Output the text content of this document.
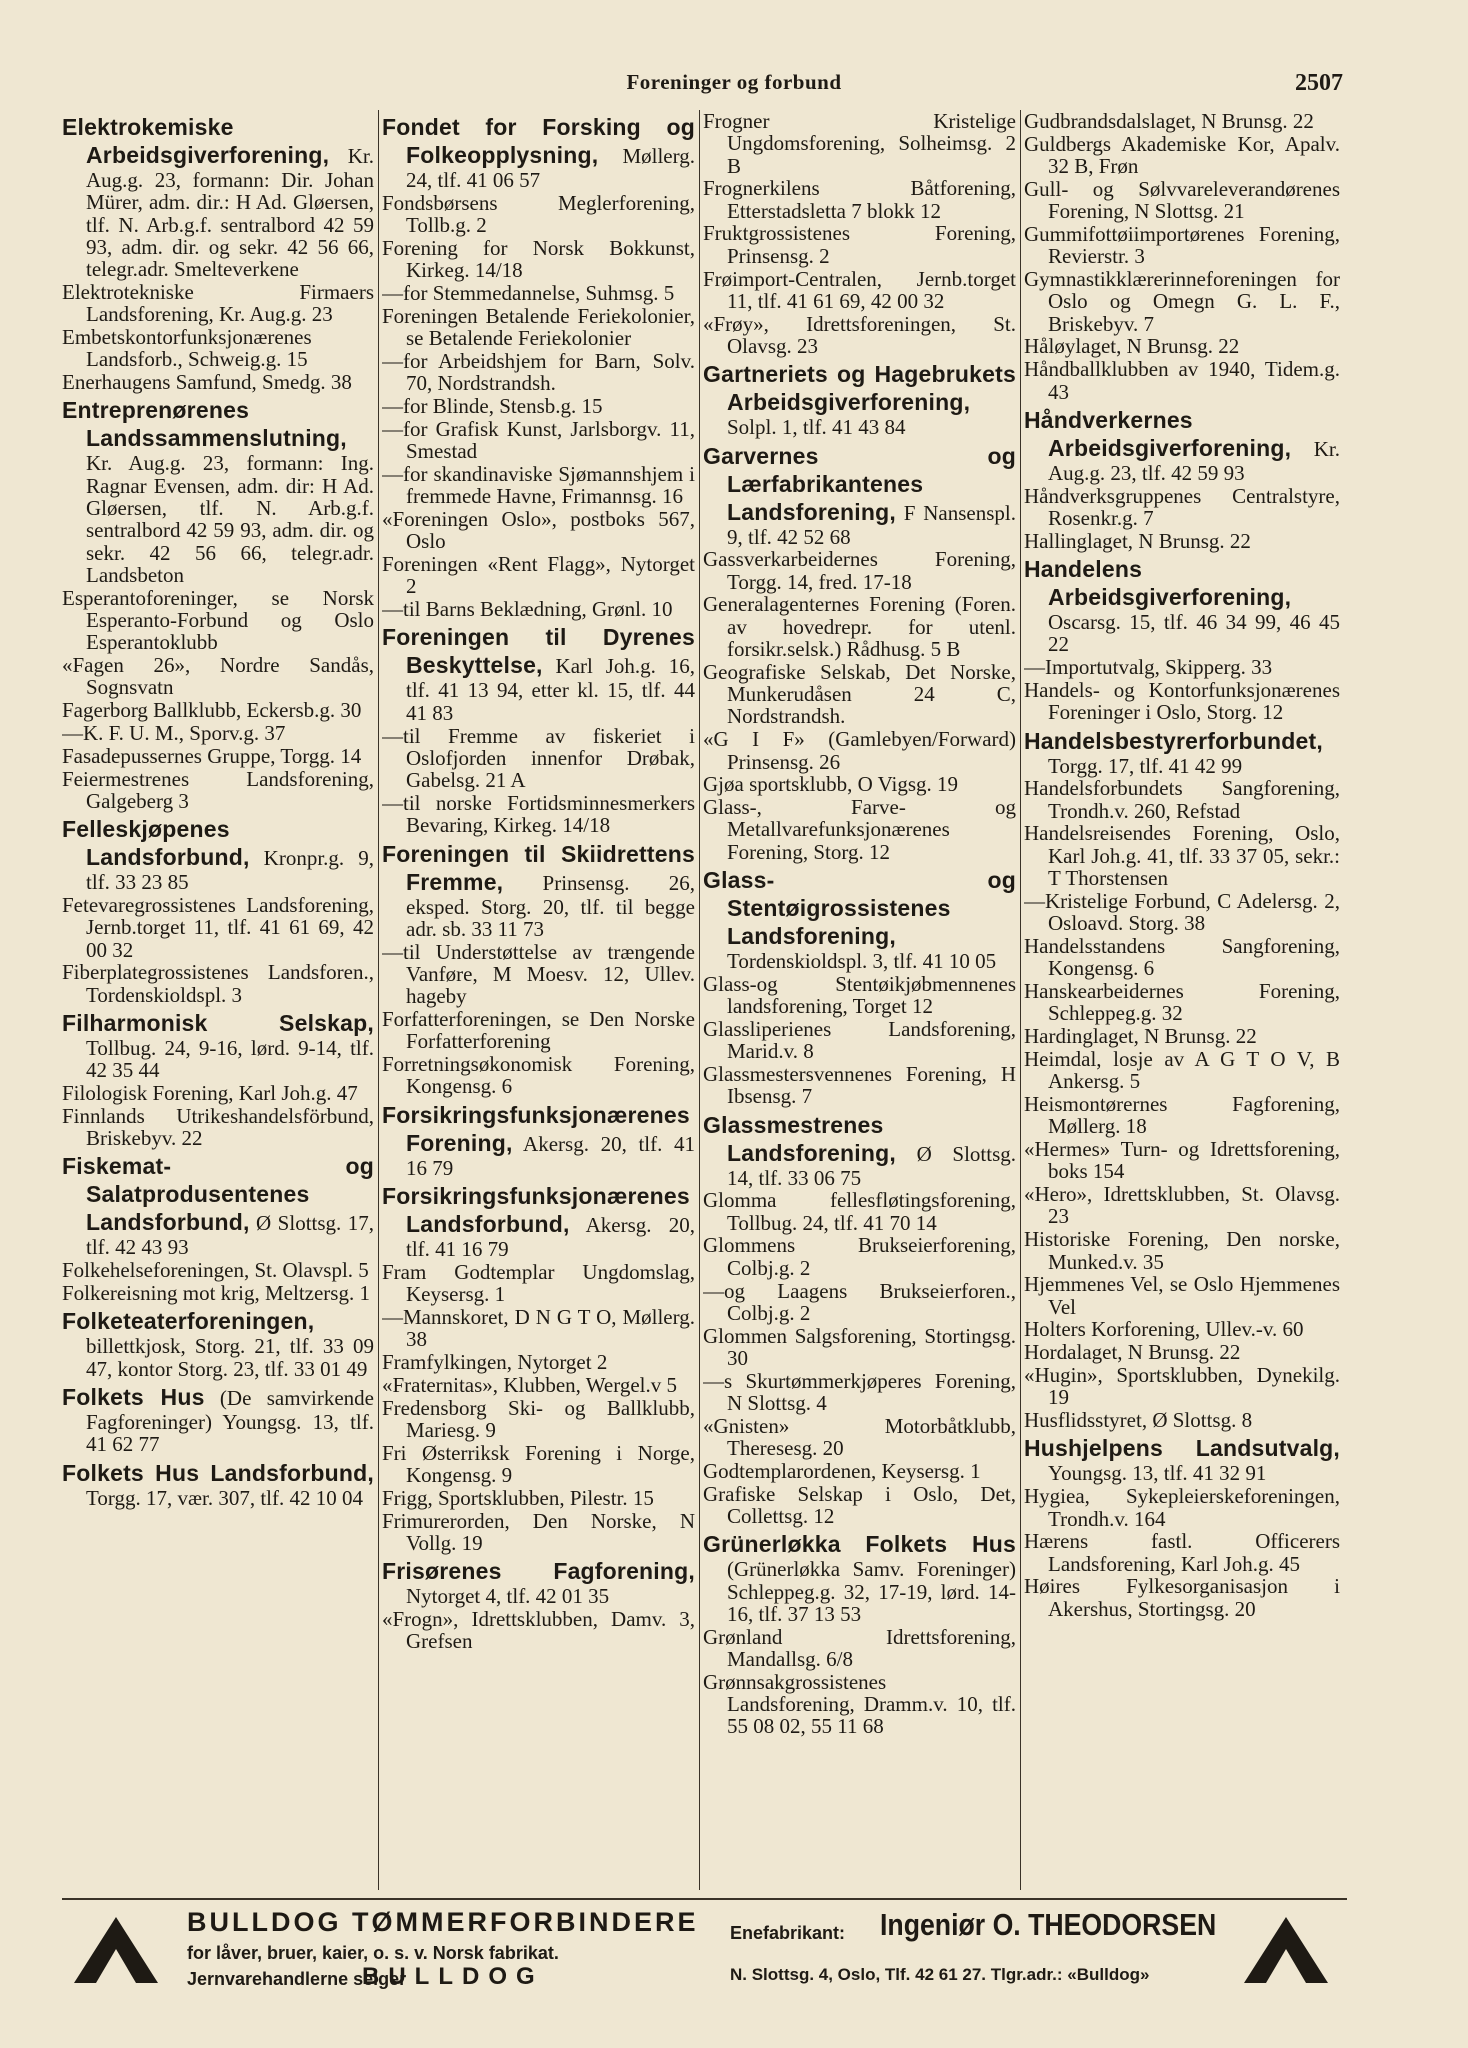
Foreninger og forbund	2507

Elektrokemiske Arbeidsgiverforening, Kr. Aug.g. 23, formann: Dir. Johan Mürer, adm. dir.: H Ad. Gløersen, tlf. N. Arb.g.f. sentralbord 42 59 93, adm. dir. og sekr. 42 56 66, telegr.adr. Smelteverkene

Elektrotekniske Firmaers Landsforening, Kr. Aug.g. 23

Embetskontorfunksjonærenes Landsforb., Schweig.g. 15

Enerhaugens Samfund, Smedg. 38

Entreprenørenes Landssammenslutning, Kr. Aug.g. 23, formann: Ing. Ragnar Evensen, adm. dir: H Ad. Gløersen, tlf. N. Arb.g.f. sentralbord 42 59 93, adm. dir. og sekr. 42 56 66, telegr.adr. Landsbeton

Esperantoforeninger, se Norsk Esperanto-Forbund og Oslo Esperantoklubb

«Fagen 26», Nordre Sandås, Sognsvatn

Fagerborg Ballklubb, Eckersb.g. 30

—K. F. U. M., Sporv.g. 37

Fasadepussernes Gruppe, Torgg. 14

Feiermestrenes Landsforening, Galgeberg 3

Felleskjøpenes Landsforbund, Kronpr.g. 9, tlf. 33 23 85

Fetevaregrossistenes Landsforening, Jernb.torget 11, tlf. 41 61 69, 42 00 32

Fiberplategrossistenes Landsforen., Tordenskioldspl. 3

Filharmonisk Selskap, Tollbug. 24, 9-16, lørd. 9-14, tlf. 42 35 44

Filologisk Forening, Karl Joh.g. 47

Finnlands Utrikeshandelsförbund, Briskebyv. 22

Fiskemat- og Salatprodusentenes Landsforbund, Ø Slottsg. 17, tlf. 42 43 93

Folkehelseforeningen, St. Olavspl. 5

Folkereisning mot krig, Meltzersg. 1

Folketeaterforeningen, billettkjosk, Storg. 21, tlf. 33 09 47, kontor Storg. 23, tlf. 33 01 49

Folkets Hus (De samvirkende Fagforeninger) Youngsg. 13, tlf. 41 62 77

Folkets Hus Landsforbund, Torgg. 17, vær. 307, tlf. 42 10 04

Fondet for Forsking og Folkeopplysning, Møllerg. 24, tlf. 41 06 57

Fondsbørsens Meglerforening, Tollb.g. 2

Forening for Norsk Bokkunst, Kirkeg. 14/18

—for Stemmedannelse, Suhmsg. 5

Foreningen Betalende Feriekolonier, se Betalende Feriekolonier

—for Arbeidshjem for Barn, Solv. 70, Nordstrandsh.

—for Blinde, Stensb.g. 15

—for Grafisk Kunst, Jarlsborgv. 11, Smestad

—for skandinaviske Sjømannshjem i fremmede Havne, Frimannsg. 16

«Foreningen Oslo», postboks 567, Oslo

Foreningen «Rent Flagg», Nytorget 2

—til Barns Beklædning, Grønl. 10

Foreningen til Dyrenes Beskyttelse, Karl Joh.g. 16, tlf. 41 13 94, etter kl. 15, tlf. 44 41 83

—til Fremme av fiskeriet i Oslofjorden innenfor Drøbak, Gabelsg. 21 A

—til norske Fortidsminnesmerkers Bevaring, Kirkeg. 14/18

Foreningen til Skiidrettens Fremme, Prinsensg. 26, eksped. Storg. 20, tlf. til begge adr. sb. 33 11 73

—til Understøttelse av trængende Vanføre, M Moesv. 12, Ullev. hageby

Forfatterforeningen, se Den Norske Forfatterforening

Forretningsøkonomisk Forening, Kongensg. 6

Forsikringsfunksjonærenes Forening, Akersg. 20, tlf. 41 16 79

Forsikringsfunksjonærenes Landsforbund, Akersg. 20, tlf. 41 16 79

Fram Godtemplar Ungdomslag, Keysersg. 1

—Mannskoret, D N G T O, Møllerg. 38

Framfylkingen, Nytorget 2

«Fraternitas», Klubben, Wergel.v 5

Fredensborg Ski- og Ballklubb, Mariesg. 9

Fri Østerriksk Forening i Norge, Kongensg. 9

Frigg, Sportsklubben, Pilestr. 15

Frimurerorden, Den Norske, N Vollg. 19

Frisørenes Fagforening, Nytorget 4, tlf. 42 01 35

«Frogn», Idrettsklubben, Damv. 3, Grefsen

Frogner Kristelige Ungdomsforening, Solheimsg. 2 B

Frognerkilens Båtforening, Etterstadsletta 7 blokk 12

Fruktgrossistenes Forening, Prinsensg. 2

Frøimport-Centralen, Jernb.torget 11, tlf. 41 61 69, 42 00 32

«Frøy», Idrettsforeningen, St. Olavsg. 23

Gartneriets og Hagebrukets Arbeidsgiverforening, Solpl. 1, tlf. 41 43 84

Garvernes og Lærfabrikantenes Landsforening, F Nansenspl. 9, tlf. 42 52 68

Gassverkarbeidernes Forening, Torgg. 14, fred. 17-18

Generalagenternes Forening (Foren. av hovedrepr. for utenl. forsikr.selsk.) Rådhusg. 5 B

Geografiske Selskab, Det Norske, Munkerudåsen 24 C, Nordstrandsh.

«G I F» (Gamlebyen/Forward) Prinsensg. 26

Gjøa sportsklubb, O Vigsg. 19

Glass-, Farve- og Metallvarefunksjonærenes Forening, Storg. 12

Glass- og Stentøigrossistenes Landsforening, Tordenskioldspl. 3, tlf. 41 10 05

Glass-og Stentøikjøbmennenes landsforening, Torget 12

Glassliperienes Landsforening, Marid.v. 8

Glassmestersvennenes Forening, H Ibsensg. 7

Glassmestrenes Landsforening, Ø Slottsg. 14, tlf. 33 06 75

Glomma fellesfløtingsforening, Tollbug. 24, tlf. 41 70 14

Glommens Brukseierforening, Colbj.g. 2

—og Laagens Brukseierforen., Colbj.g. 2

Glommen Salgsforening, Stortingsg. 30

—s Skurtømmerkjøperes Forening, N Slottsg. 4

«Gnisten» Motorbåtklubb, Theresesg. 20

Godtemplarordenen, Keysersg. 1

Grafiske Selskap i Oslo, Det, Collettsg. 12

Grünerløkka Folkets Hus (Grünerløkka Samv. Foreninger) Schleppeg.g. 32, 17-19, lørd. 14-16, tlf. 37 13 53

Grønland Idrettsforening, Mandallsg. 6/8

Grønnsakgrossistenes Landsforening, Dramm.v. 10, tlf. 55 08 02, 55 11 68

Gudbrandsdalslaget, N Brunsg. 22

Guldbergs Akademiske Kor, Apalv. 32 B, Frøn

Gull- og Sølvvareleverandørenes Forening, N Slottsg. 21

Gummifottøiimportørenes Forening, Revierstr. 3

Gymnastikklærerinneforeningen for Oslo og Omegn G. L. F., Briskebyv. 7

Håløylaget, N Brunsg. 22

Håndballklubben av 1940, Tidem.g. 43

Håndverkernes Arbeidsgiverforening, Kr. Aug.g. 23, tlf. 42 59 93

Håndverksgruppenes Centralstyre, Rosenkr.g. 7

Hallinglaget, N Brunsg. 22

Handelens Arbeidsgiverforening, Oscarsg. 15, tlf. 46 34 99, 46 45 22

—Importutvalg, Skipperg. 33

Handels- og Kontorfunksjonærenes Foreninger i Oslo, Storg. 12

Handelsbestyrerforbundet, Torgg. 17, tlf. 41 42 99

Handelsforbundets Sangforening, Trondh.v. 260, Refstad

Handelsreisendes Forening, Oslo, Karl Joh.g. 41, tlf. 33 37 05, sekr.: T Thorstensen

—Kristelige Forbund, C Adelersg. 2, Osloavd. Storg. 38

Handelsstandens Sangforening, Kongensg. 6

Hanskearbeidernes Forening, Schleppeg.g. 32

Hardinglaget, N Brunsg. 22

Heimdal, losje av A G T O V, B Ankersg. 5

Heismontørernes Fagforening, Møllerg. 18

«Hermes» Turn- og Idrettsforening, boks 154

«Hero», Idrettsklubben, St. Olavsg. 23

Historiske Forening, Den norske, Munked.v. 35

Hjemmenes Vel, se Oslo Hjemmenes Vel

Holters Korforening, Ullev.-v. 60

Hordalaget, N Brunsg. 22

«Hugin», Sportsklubben, Dynekilg. 19

Husflidsstyret, Ø Slottsg. 8

Hushjelpens Landsutvalg, Youngsg. 13, tlf. 41 32 91

Hygiea, Sykepleierskeforeningen, Trondh.v. 164

Hærens fastl. Officerers Landsforening, Karl Joh.g. 45

Høires Fylkesorganisasjon i Akershus, Stortingsg. 20

BULLDOG TØMMERFORBINDERE
for låver, bruer, kaier, o. s. v. Norsk fabrikat.
Jernvarehandlerne selger
BULLDOG
Enefabrikant: Ingeniør O. THEODORSEN
N. Slottsg. 4, Oslo, Tlf. 42 61 27. Tlgr.adr.: «Bulldog»
